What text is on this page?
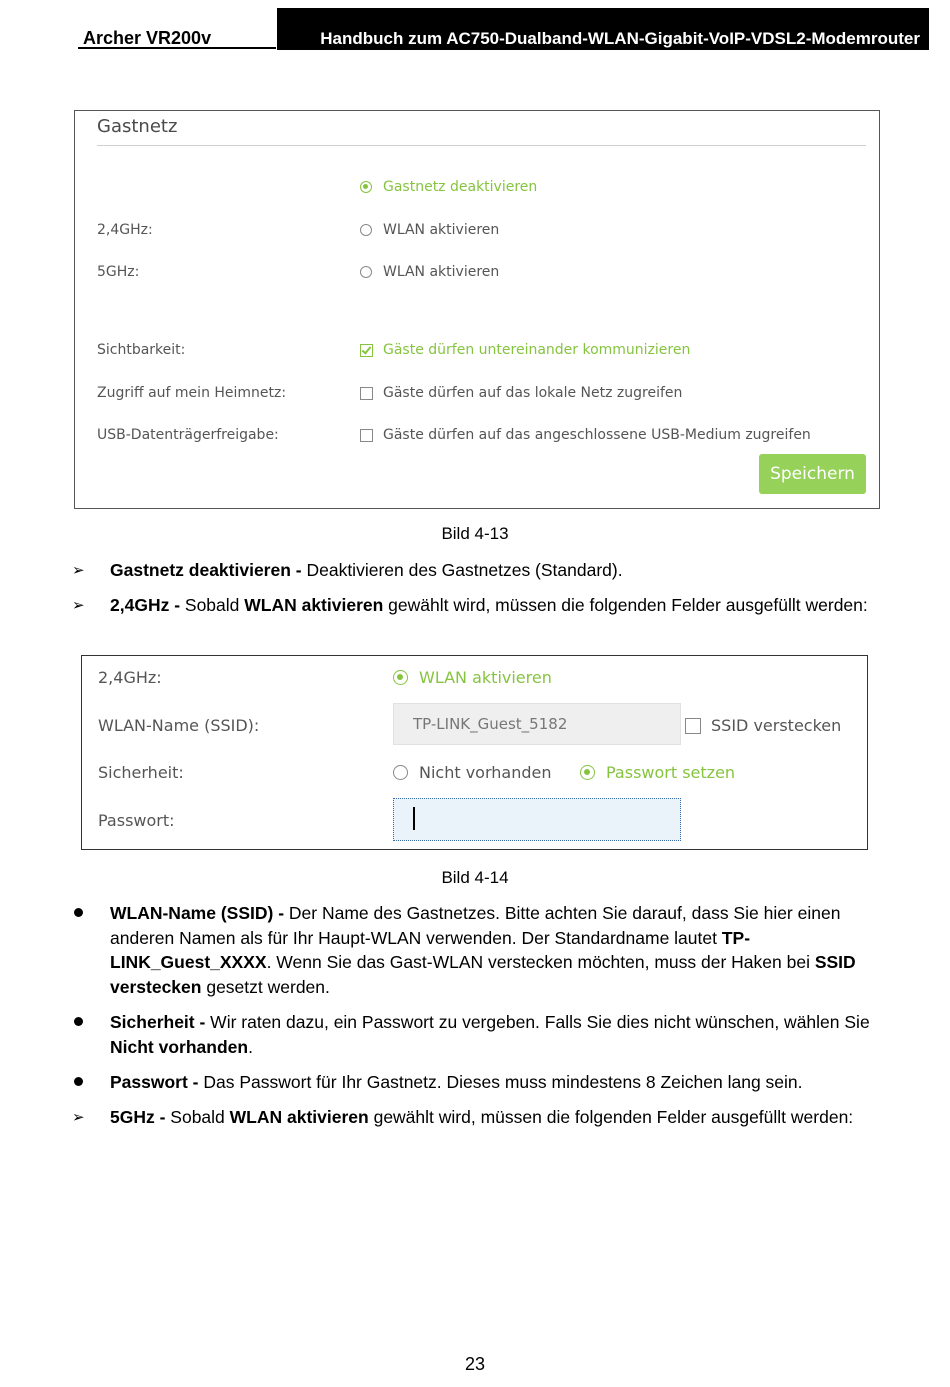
Archer VR200v	Handbuch zum AC750-Dualband-WLAN-Gigabit-VoIP-VDSL2-Modemrouter
Gastnetz
Gastnetz deaktivieren
2,4GHz:	WLAN aktivieren
5GHz:	WLAN aktivieren
Sichtbarkeit:	Gäste dürfen untereinander kommunizieren
Zugriff auf mein Heimnetz:	Gäste dürfen auf das lokale Netz zugreifen
USB-Datenträgerfreigabe:	Gäste dürfen auf das angeschlossene USB-Medium zugreifen
Speichern
Bild 4-13
➢ Gastnetz deaktivieren - Deaktivieren des Gastnetzes (Standard).
➢ 2,4GHz - Sobald WLAN aktivieren gewählt wird, müssen die folgenden Felder ausgefüllt werden:
2,4GHz:	WLAN aktivieren
WLAN-Name (SSID):
TP-LINK_Guest_5182	SSID verstecken
Sicherheit:	Nicht vorhanden	Passwort setzen
Passwort:
Bild 4-14
WLAN-Name (SSID) - Der Name des Gastnetzes. Bitte achten Sie darauf, dass Sie hier einen anderen Namen als für Ihr Haupt-WLAN verwenden. Der Standardname lautet TP-LINK_Guest_XXXX. Wenn Sie das Gast-WLAN verstecken möchten, muss der Haken bei SSID verstecken gesetzt werden.
Sicherheit - Wir raten dazu, ein Passwort zu vergeben. Falls Sie dies nicht wünschen, wählen Sie Nicht vorhanden.
Passwort - Das Passwort für Ihr Gastnetz. Dieses muss mindestens 8 Zeichen lang sein.
➢ 5GHz - Sobald WLAN aktivieren gewählt wird, müssen die folgenden Felder ausgefüllt werden:
23
